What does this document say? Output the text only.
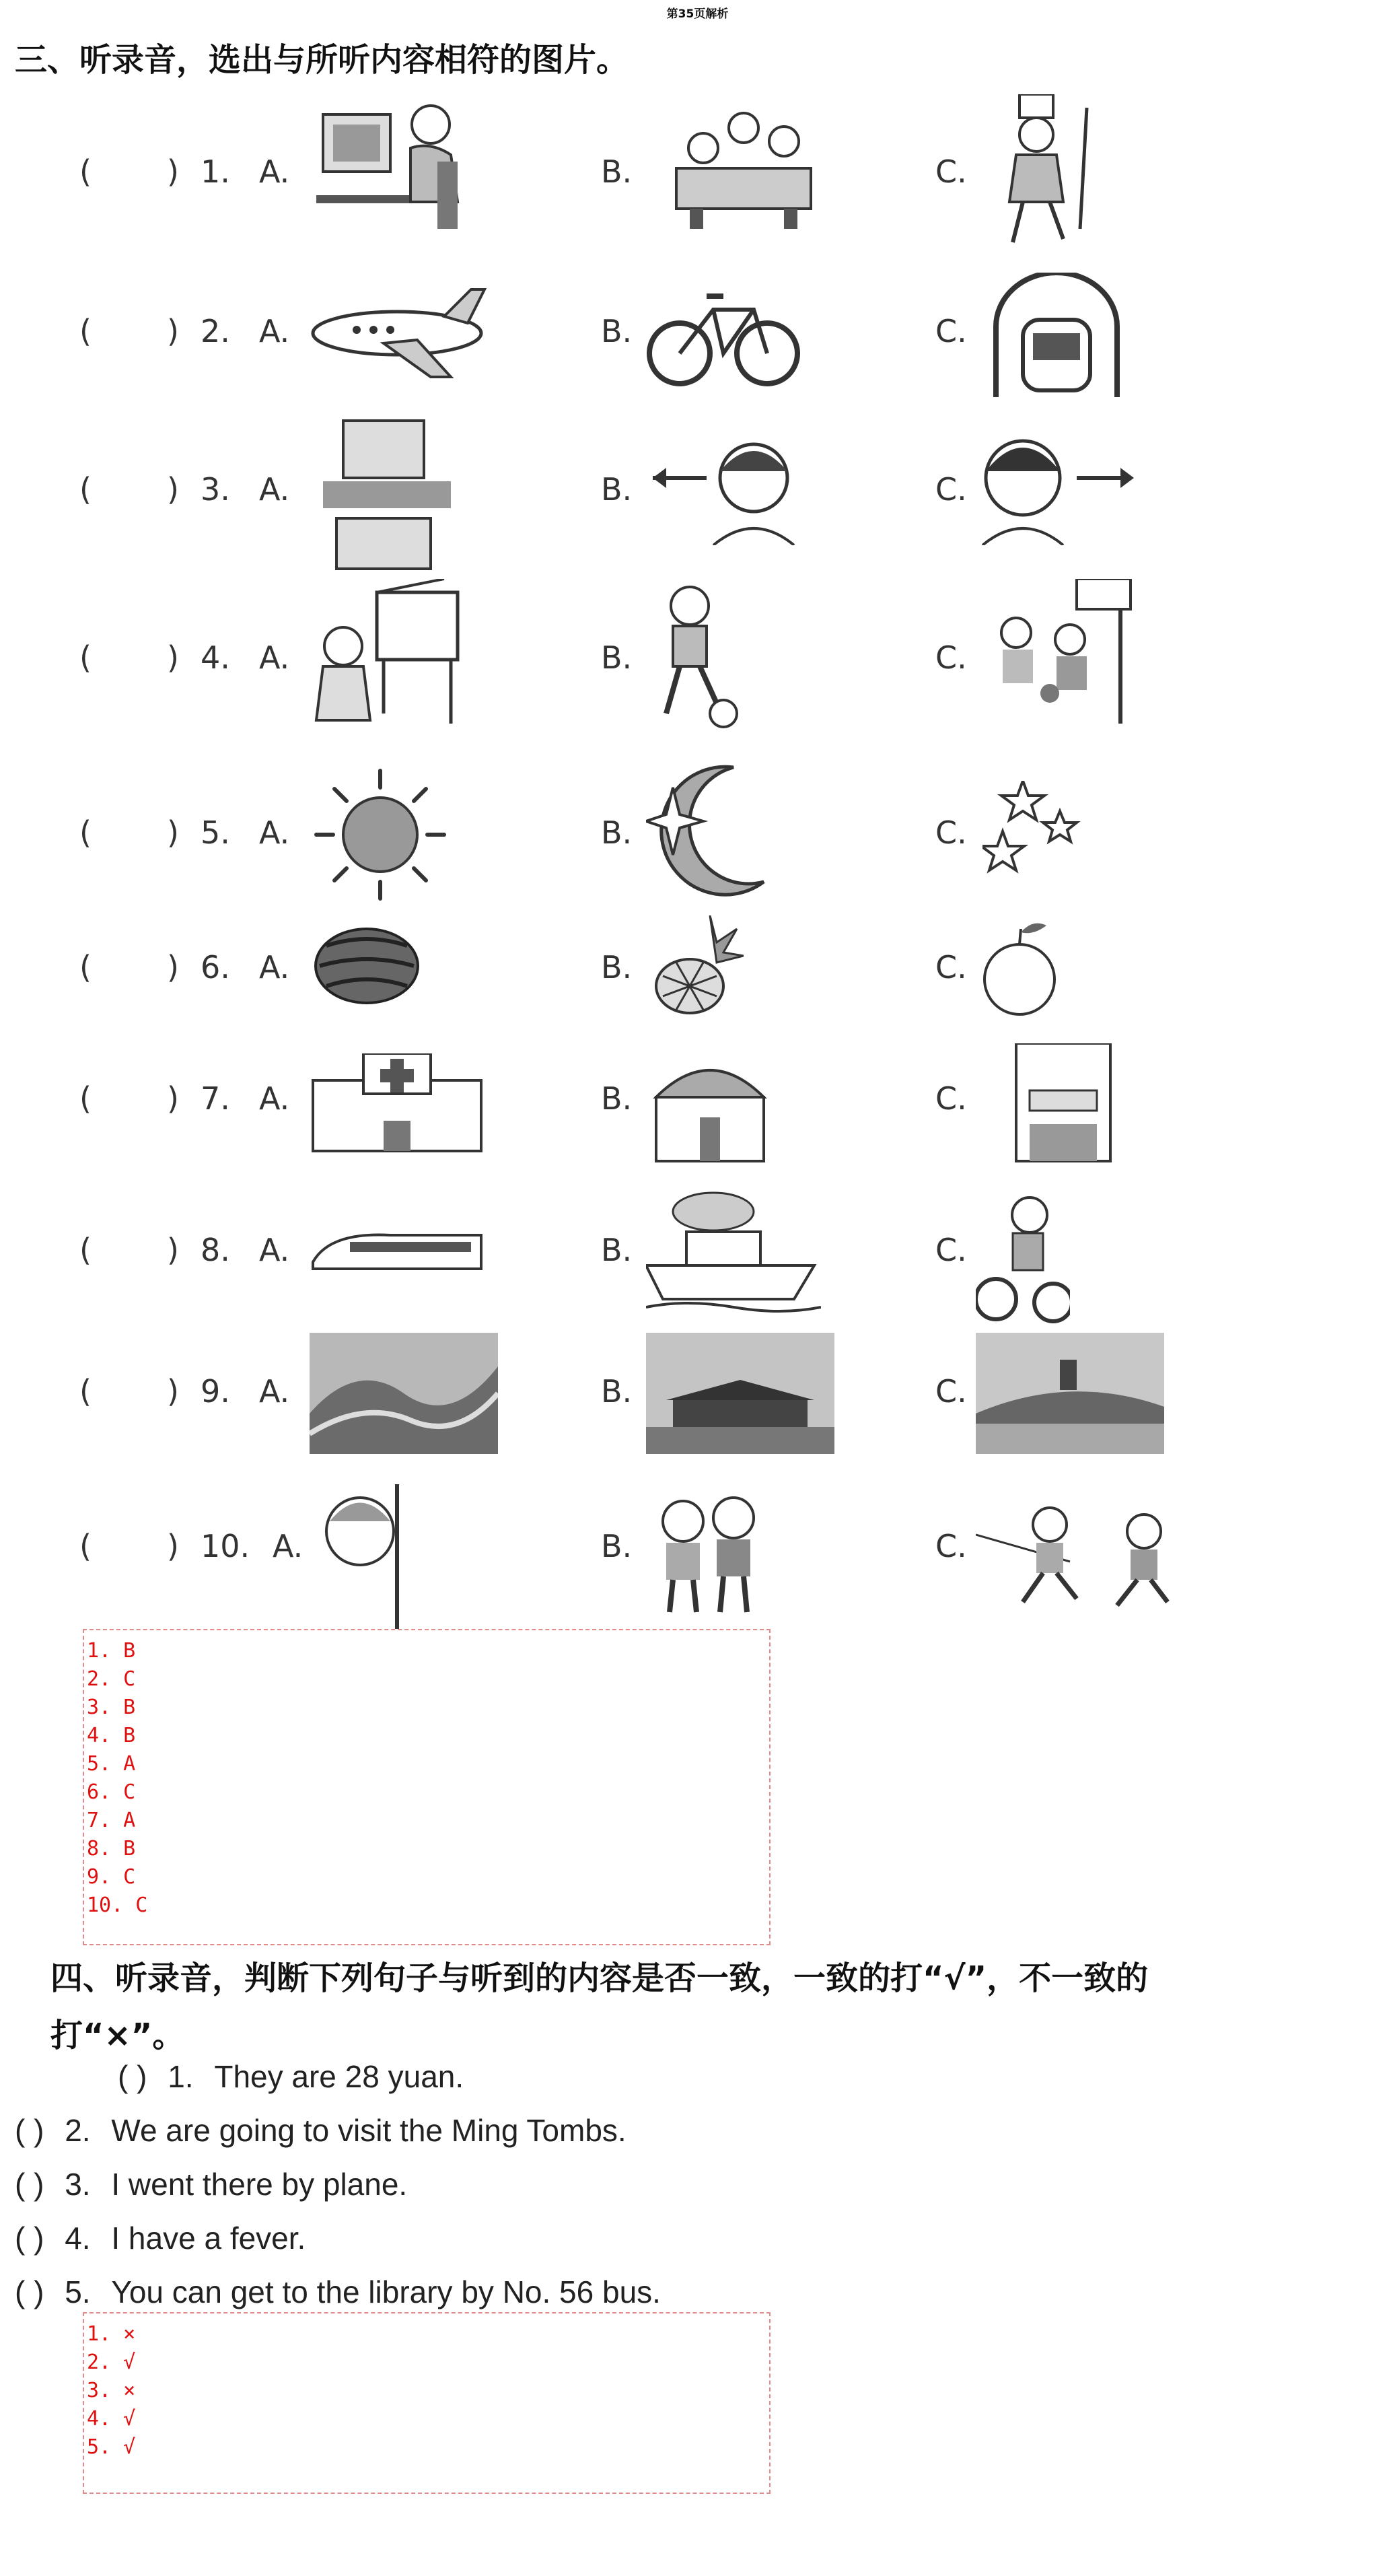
第35页解析
三、听录音，选出与所听内容相符的图片。
( ) 1. A.	B.	C.
( ) 2. A.	B.	C.
( ) 3. A.	B.	C.
( ) 4. A.	B.	C.
( ) 5. A.	B.	C.
( ) 6. A.	B.	C.
( ) 7. A.	B.	C.
( ) 8. A.	B.	C.
( ) 9. A.	B.	C.
( ) 10. A.	B.	C.
1. B
2. C
3. B
4. B
5. A
6. C
7. A
8. B
9. C
10. C
四、听录音，判断下列句子与听到的内容是否一致，一致的打“√”，不一致的
打“×”。
( ) 1. They are 28 yuan.
( ) 2. We are going to visit the Ming Tombs.
( ) 3. I went there by plane.
( ) 4. I have a fever.
( ) 5. You can get to the library by No. 56 bus.
1. ×
2. √
3. ×
4. √
5. √
